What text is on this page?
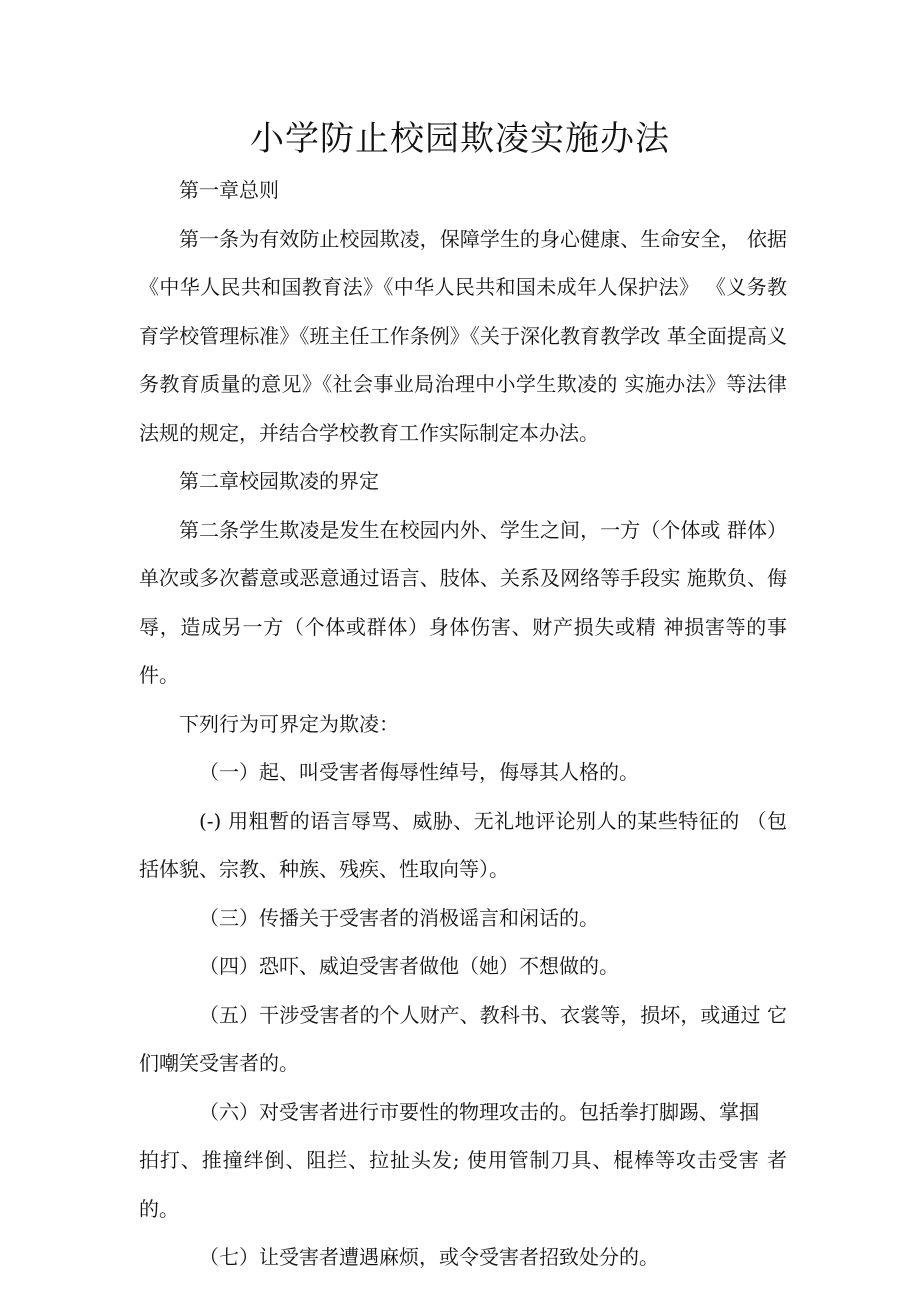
小学防止校园欺凌实施办法

第一章总则

第一条为有效防止校园欺凌，保障学生的身心健康、生命安全， 依据《中华人民共和国教育法》《中华人民共和国未成年人保护法》 《义务教育学校管理标准》《班主任工作条例》《关于深化教育教学改 革全面提高义务教育质量的意见》《社会事业局治理中小学生欺凌的 实施办法》等法律法规的规定，并结合学校教育工作实际制定本办法。

第二章校园欺凌的界定

第二条学生欺凌是发生在校园内外、学生之间，一方（个体或 群体）单次或多次蓄意或恶意通过语言、肢体、关系及网络等手段实 施欺负、侮辱，造成另一方（个体或群体）身体伤害、财产损失或精 神损害等的事件。

下列行为可界定为欺凌：

（一）起、叫受害者侮辱性绰号，侮辱其人格的。

(-) 用粗暫的语言辱骂、威胁、无礼地评论别人的某些特征的 （包括体貌、宗教、种族、残疾、性取向等）。

（三）传播关于受害者的消极谣言和闲话的。

（四）恐吓、威迫受害者做他（她）不想做的。

（五）干涉受害者的个人财产、教科书、衣裳等，损坏，或通过 它们嘲笑受害者的。

（六）对受害者进行市要性的物理攻击的。包括拳打脚踢、掌掴

拍打、推撞绊倒、阻拦、拉扯头发; 使用管制刀具、棍棒等攻击受害 者的。

（七）让受害者遭遇麻烦，或令受害者招致处分的。
